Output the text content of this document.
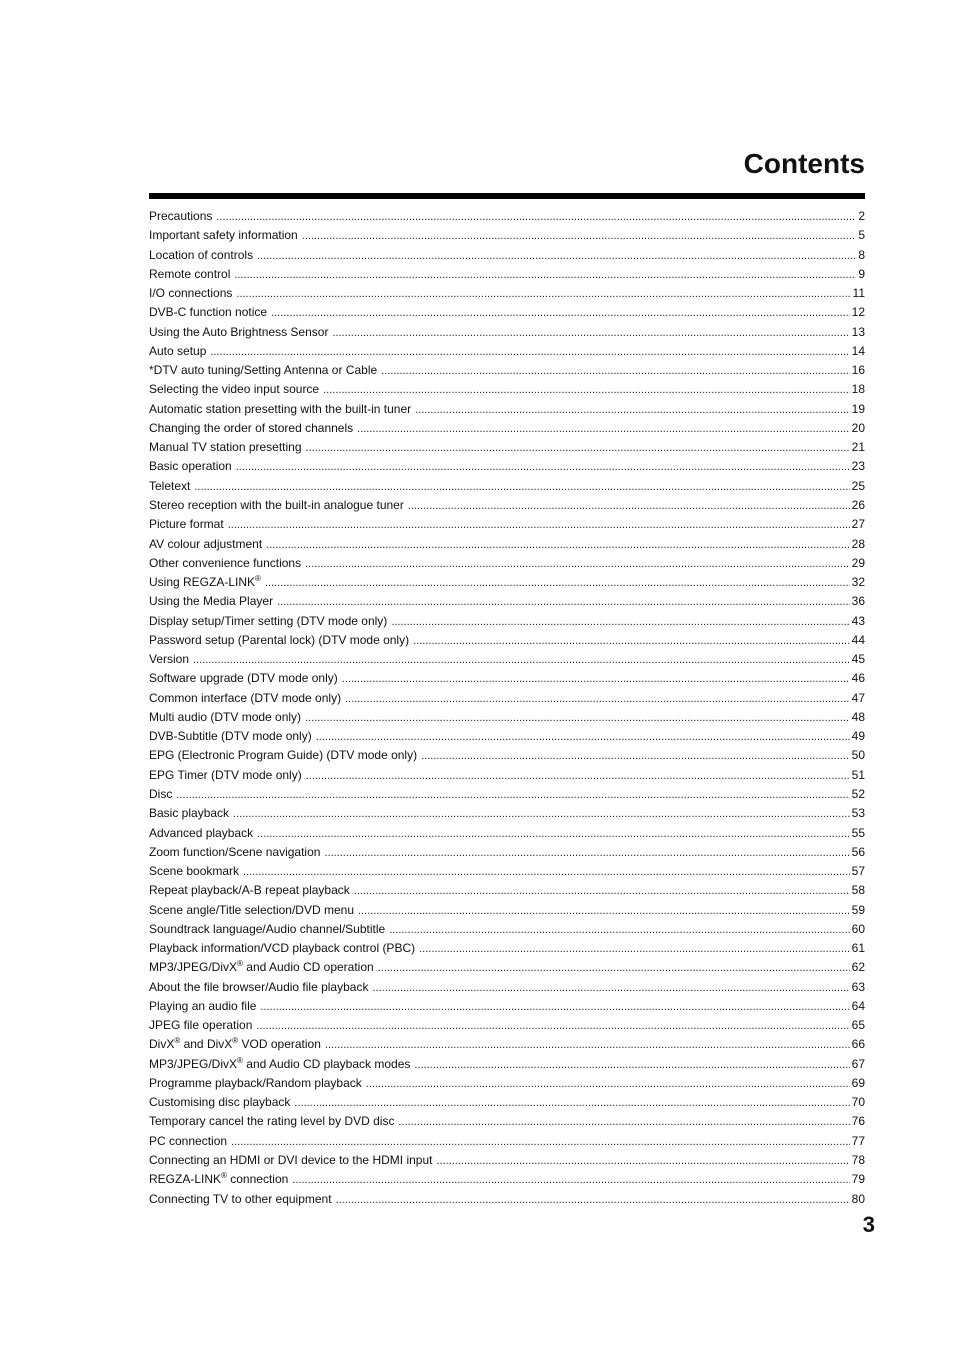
Contents
Precautions .....	2
Important safety information .....	5
Location of controls .....	8
Remote control .....	9
I/O connections .....	11
DVB-C function notice .....	12
Using the Auto Brightness Sensor .....	13
Auto setup .....	14
*DTV auto tuning/Setting Antenna or Cable .....	16
Selecting the video input source .....	18
Automatic station presetting with the built-in tuner .....	19
Changing the order of stored channels .....	20
Manual TV station presetting .....	21
Basic operation .....	23
Teletext .....	25
Stereo reception with the built-in analogue tuner .....	26
Picture format .....	27
AV colour adjustment .....	28
Other convenience functions .....	29
Using REGZA-LINK® .....	32
Using the Media Player .....	36
Display setup/Timer setting (DTV mode only) .....	43
Password setup (Parental lock) (DTV mode only) .....	44
Version .....	45
Software upgrade (DTV mode only) .....	46
Common interface (DTV mode only) .....	47
Multi audio (DTV mode only) .....	48
DVB-Subtitle (DTV mode only) .....	49
EPG (Electronic Program Guide) (DTV mode only) .....	50
EPG Timer (DTV mode only) .....	51
Disc .....	52
Basic playback .....	53
Advanced playback .....	55
Zoom function/Scene navigation .....	56
Scene bookmark .....	57
Repeat playback/A-B repeat playback .....	58
Scene angle/Title selection/DVD menu .....	59
Soundtrack language/Audio channel/Subtitle .....	60
Playback information/VCD playback control (PBC) .....	61
MP3/JPEG/DivX® and Audio CD operation .....	62
About the file browser/Audio file playback .....	63
Playing an audio file .....	64
JPEG file operation .....	65
DivX® and DivX® VOD operation .....	66
MP3/JPEG/DivX® and Audio CD playback modes .....	67
Programme playback/Random playback .....	69
Customising disc playback .....	70
Temporary cancel the rating level by DVD disc .....	76
PC connection .....	77
Connecting an HDMI or DVI device to the HDMI input .....	78
REGZA-LINK® connection .....	79
Connecting TV to other equipment .....	80

3
